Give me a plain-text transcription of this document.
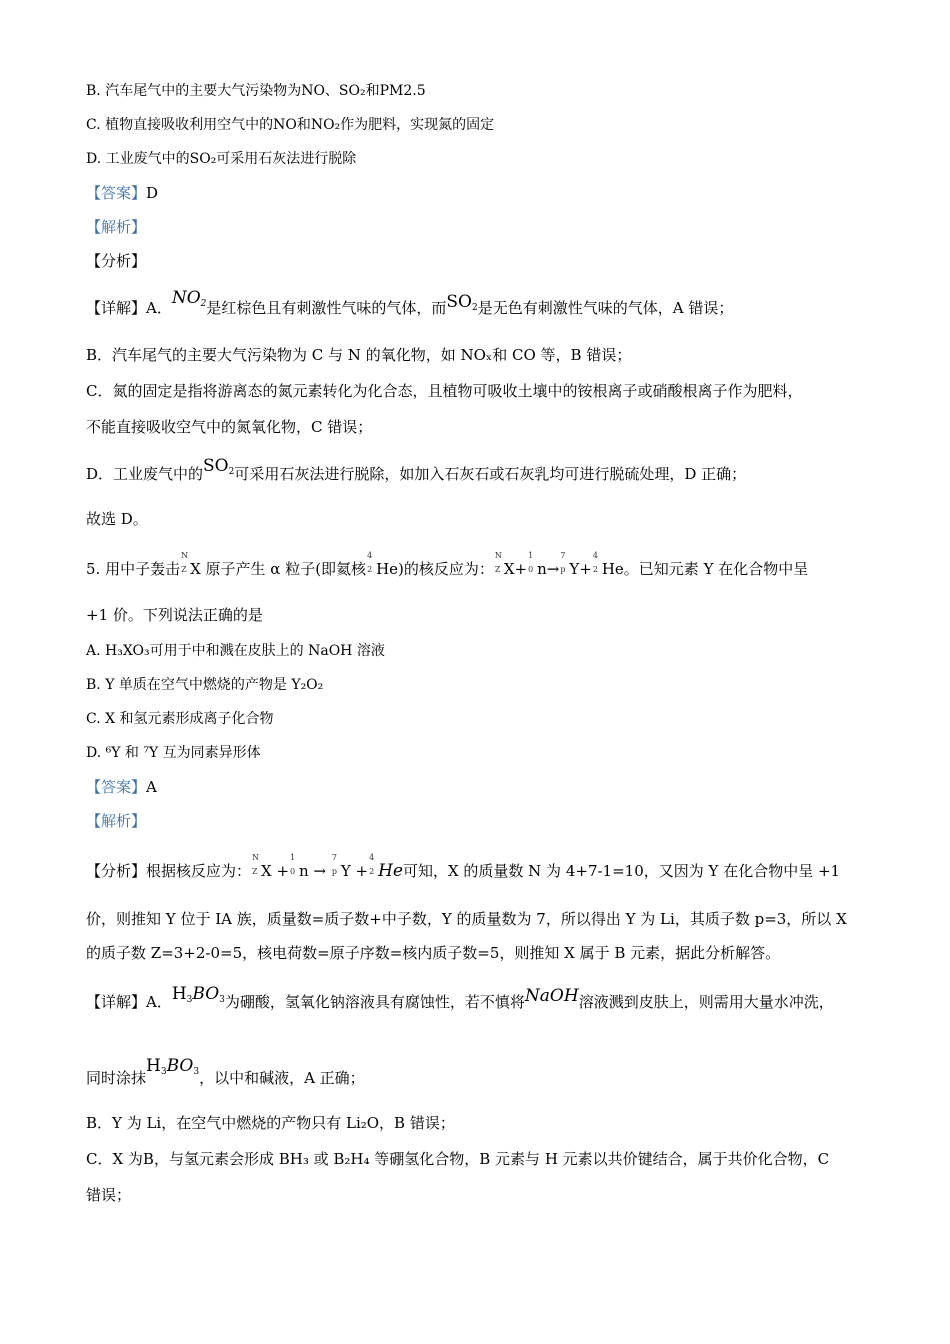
B. 汽车尾气中的主要大气污染物为NO、SO₂和PM2.5
C. 植物直接吸收利用空气中的NO和NO₂作为肥料，实现氮的固定
D. 工业废气中的SO₂可采用石灰法进行脱除
【答案】D
【解析】
【分析】
【详解】A．$NO_2$是红棕色且有刺激性气味的气体，而$SO_2$是无色有刺激性气味的气体，A 错误；
B．汽车尾气的主要大气污染物为 C 与 N 的氧化物，如 NOₓ和 CO 等，B 错误；
C．氮的固定是指将游离态的氮元素转化为化合态，且植物可吸收土壤中的铵根离子或硝酸根离子作为肥料，
不能直接吸收空气中的氮氧化物，C 错误；
D．工业废气中的$SO_2$可采用石灰法进行脱除，如加入石灰石或石灰乳均可进行脱硫处理，D 正确；
故选 D。
5. 用中子轰击
N
Z X 原子产生 α 粒子(即氦核
4
2 He)的核反应为：
N
Z X+
1
0 n→
7
p Y+
4
2 He。已知元素 Y 在化合物中呈
+1 价。下列说法正确的是
A. H₃XO₃可用于中和溅在皮肤上的 NaOH 溶液
B. Y 单质在空气中燃烧的产物是 Y₂O₂
C. X 和氢元素形成离子化合物
D. ⁶Y 和 ⁷Y 互为同素异形体
【答案】A
【解析】
【分析】根据核反应为：
N
Z X +
1
0 n →
7
p Y +
4
2 He可知，X 的质量数 N 为 4+7-1=10，又因为 Y 在化合物中呈 +1
价，则推知 Y 位于 IA 族，质量数=质子数+中子数，Y 的质量数为 7，所以得出 Y 为 Li，其质子数 p=3，所以 X
的质子数 Z=3+2-0=5，核电荷数=原子序数=核内质子数=5，则推知 X 属于 B 元素，据此分析解答。
【详解】A．$H_3BO_3$为硼酸，氢氧化钠溶液具有腐蚀性，若不慎将NaOH溶液溅到皮肤上，则需用大量水冲洗，
同时涂抹$H_3BO_3$，以中和碱液，A 正确；
B．Y 为 Li，在空气中燃烧的产物只有 Li₂O，B 错误；
C．X 为B，与氢元素会形成 BH₃ 或 B₂H₄ 等硼氢化合物，B 元素与 H 元素以共价键结合，属于共价化合物，C
错误；
